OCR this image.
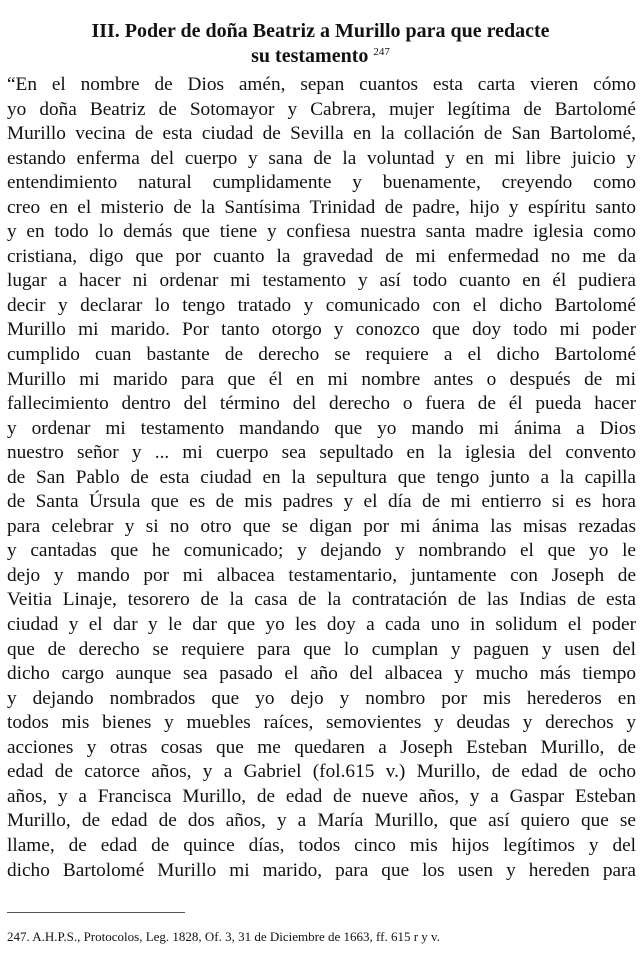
III. Poder de doña Beatriz a Murillo para que redacte
su testamento $^{247}$
“En el nombre de Dios amén, sepan cuantos esta carta vieren cómo
yo doña Beatriz de Sotomayor y Cabrera, mujer legítima de Bartolomé
Murillo vecina de esta ciudad de Sevilla en la collación de San Bartolomé,
estando enferma del cuerpo y sana de la voluntad y en mi libre juicio y
entendimiento natural cumplidamente y buenamente, creyendo como
creo en el misterio de la Santísima Trinidad de padre, hijo y espíritu santo
y en todo lo demás que tiene y confiesa nuestra santa madre iglesia como
cristiana, digo que por cuanto la gravedad de mi enfermedad no me da
lugar a hacer ni ordenar mi testamento y así todo cuanto en él pudiera
decir y declarar lo tengo tratado y comunicado con el dicho Bartolomé
Murillo mi marido. Por tanto otorgo y conozco que doy todo mi poder
cumplido cuan bastante de derecho se requiere a el dicho Bartolomé
Murillo mi marido para que él en mi nombre antes o después de mi
fallecimiento dentro del término del derecho o fuera de él pueda hacer
y ordenar mi testamento mandando que yo mando mi ánima a Dios
nuestro señor y ... mi cuerpo sea sepultado en la iglesia del convento
de San Pablo de esta ciudad en la sepultura que tengo junto a la capilla
de Santa Úrsula que es de mis padres y el día de mi entierro si es hora
para celebrar y si no otro que se digan por mi ánima las misas rezadas
y cantadas que he comunicado; y dejando y nombrando el que yo le
dejo y mando por mi albacea testamentario, juntamente con Joseph de
Veitia Linaje, tesorero de la casa de la contratación de las Indias de esta
ciudad y el dar y le dar que yo les doy a cada uno in solidum el poder
que de derecho se requiere para que lo cumplan y paguen y usen del
dicho cargo aunque sea pasado el año del albacea y mucho más tiempo
y dejando nombrados que yo dejo y nombro por mis herederos en
todos mis bienes y muebles raíces, semovientes y deudas y derechos y
acciones y otras cosas que me quedaren a Joseph Esteban Murillo, de
edad de catorce años, y a Gabriel (fol.615 v.) Murillo, de edad de ocho
años, y a Francisca Murillo, de edad de nueve años, y a Gaspar Esteban
Murillo, de edad de dos años, y a María Murillo, que así quiero que se
llame, de edad de quince días, todos cinco mis hijos legítimos y del
dicho Bartolomé Murillo mi marido, para que los usen y hereden para
247. A.H.P.S., Protocolos, Leg. 1828, Of. 3, 31 de Diciembre de 1663, ff. 615 r y v.
